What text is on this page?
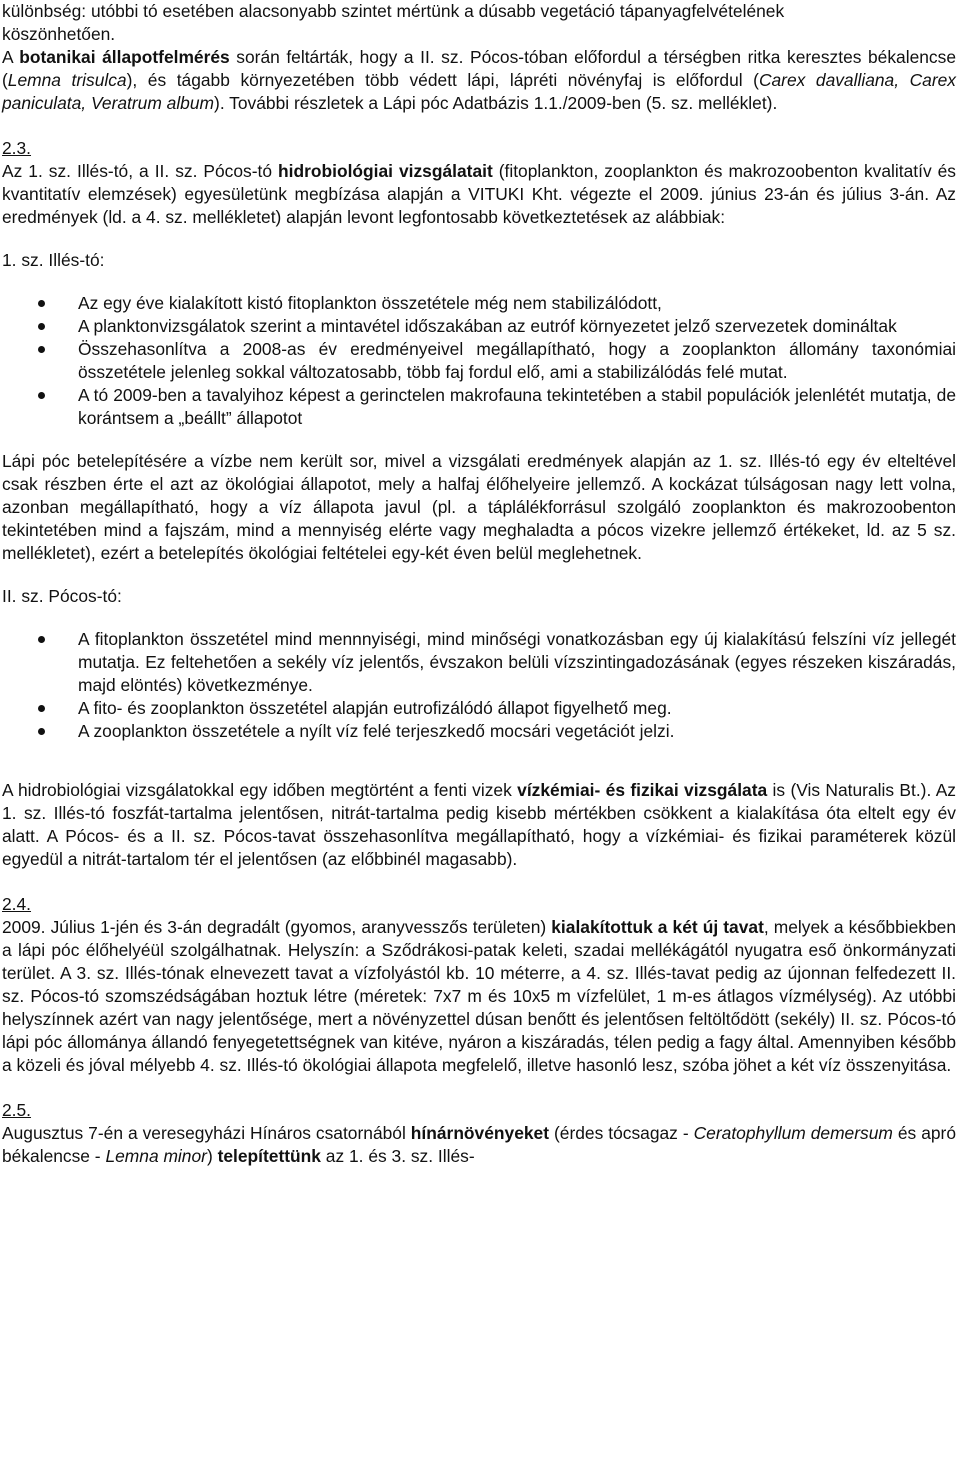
különbség: utóbbi tó esetében alacsonyabb szintet mértünk a dúsabb vegetáció tápanyagfelvételének
köszönhetően.

A botanikai állapotfelmérés során feltárták, hogy a II. sz. Pócos-tóban előfordul a térségben ritka keresztes békalencse (Lemna trisulca), és tágabb környezetében több védett lápi, lápréti növényfaj is előfordul (Carex davalliana, Carex paniculata, Veratrum album). További részletek a Lápi póc Adatbázis 1.1./2009-ben (5. sz. melléklet).

2.3.

Az 1. sz. Illés-tó, a II. sz. Pócos-tó hidrobiológiai vizsgálatait (fitoplankton, zooplankton és makrozoobenton kvalitatív és kvantitatív elemzések) egyesületünk megbízása alapján a VITUKI Kht. végezte el 2009. június 23-án és július 3-án. Az eredmények (ld. a 4. sz. mellékletet) alapján levont legfontosabb következtetések az alábbiak:

1. sz. Illés-tó:

Az egy éve kialakított kistó fitoplankton összetétele még nem stabilizálódott,
A planktonvizsgálatok szerint a mintavétel időszakában az eutróf környezetet jelző szervezetek domináltak
Összehasonlítva a 2008-as év eredményeivel megállapítható, hogy a zooplankton állomány taxonómiai összetétele jelenleg sokkal változatosabb, több faj fordul elő, ami a stabilizálódás felé mutat.
A tó 2009-ben a tavalyihoz képest a gerinctelen makrofauna tekintetében a stabil populációk jelenlétét mutatja, de korántsem a „beállt” állapotot

Lápi póc betelepítésére a vízbe nem került sor, mivel a vizsgálati eredmények alapján az 1. sz. Illés-tó egy év elteltével csak részben érte el azt az ökológiai állapotot, mely a halfaj élőhelyeire jellemző. A kockázat túlságosan nagy lett volna, azonban megállapítható, hogy a víz állapota javul (pl. a táplálékforrásul szolgáló zooplankton és makrozoobenton tekintetében mind a fajszám, mind a mennyiség elérte vagy meghaladta a pócos vizekre jellemző értékeket, ld. az 5 sz. mellékletet), ezért a betelepítés ökológiai feltételei egy-két éven belül meglehetnek.

II. sz. Pócos-tó:

A fitoplankton összetétel mind mennnyiségi, mind minőségi vonatkozásban egy új kialakítású felszíni víz jellegét mutatja. Ez feltehetően a sekély víz jelentős, évszakon belüli vízszintingadozásának (egyes részeken kiszáradás, majd elöntés) következménye.
A fito- és zooplankton összetétel alapján eutrofizálódó állapot figyelhető meg.
A zooplankton összetétele a nyílt víz felé terjeszkedő mocsári vegetációt jelzi.

A hidrobiológiai vizsgálatokkal egy időben megtörtént a fenti vizek vízkémiai- és fizikai vizsgálata is (Vis Naturalis Bt.). Az 1. sz. Illés-tó foszfát-tartalma jelentősen, nitrát-tartalma pedig kisebb mértékben csökkent a kialakítása óta eltelt egy év alatt. A Pócos- és a II. sz. Pócos-tavat összehasonlítva megállapítható, hogy a vízkémiai- és fizikai paraméterek közül egyedül a nitrát-tartalom tér el jelentősen (az előbbinél magasabb).

2.4.

2009. Július 1-jén és 3-án degradált (gyomos, aranyvesszős területen) kialakítottuk a két új tavat, melyek a későbbiekben a lápi póc élőhelyéül szolgálhatnak. Helyszín: a Sződrákosi-patak keleti, szadai mellékágától nyugatra eső önkormányzati terület. A 3. sz. Illés-tónak elnevezett tavat a vízfolyástól kb. 10 méterre, a 4. sz. Illés-tavat pedig az újonnan felfedezett II. sz. Pócos-tó szomszédságában hoztuk létre (méretek: 7x7 m és 10x5 m vízfelület, 1 m-es átlagos vízmélység). Az utóbbi helyszínnek azért van nagy jelentősége, mert a növényzettel dúsan benőtt és jelentősen feltöltődött (sekély) II. sz. Pócos-tó lápi póc állománya állandó fenyegetettségnek van kitéve, nyáron a kiszáradás, télen pedig a fagy által. Amennyiben később a közeli és jóval mélyebb 4. sz. Illés-tó ökológiai állapota megfelelő, illetve hasonló lesz, szóba jöhet a két víz összenyitása.

2.5.

Augusztus 7-én a veresegyházi Hínáros csatornából hínárnövényeket (érdes tócsagaz - Ceratophyllum demersum és apró békalencse - Lemna minor) telepítettünk az 1. és 3. sz. Illés-
